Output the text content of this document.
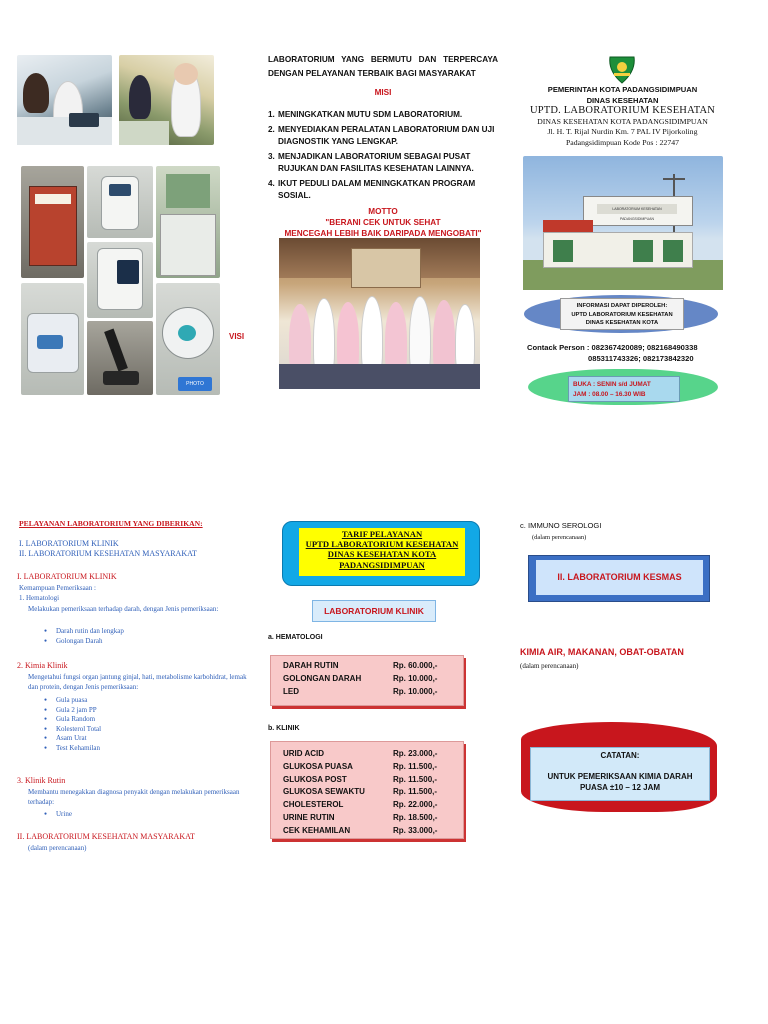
PHOTO
VISI
LABORATORIUM YANG BERMUTU DAN TERPERCAYA DENGAN PELAYANAN TERBAIK BAGI MASYARAKAT
MISI
1. MENINGKATKAN MUTU SDM LABORATORIUM.
2. MENYEDIAKAN PERALATAN LABORATORIUM DAN UJI DIAGNOSTIK YANG LENGKAP.
3. MENJADIKAN LABORATORIUM SEBAGAI PUSAT RUJUKAN DAN FASILITAS KESEHATAN LAINNYA.
4. IKUT PEDULI DALAM MENINGKATKAN PROGRAM SOSIAL.
MOTTO
"BERANI CEK UNTUK SEHAT
MENCEGAH LEBIH BAIK DARIPADA MENGOBATI"
PEMERINTAH KOTA PADANGSIDIMPUAN
DINAS KESEHATAN
UPTD. LABORATORIUM KESEHATAN
DINAS KESEHATAN KOTA PADANGSIDIMPUAN
Jl. H. T. Rijal Nurdin Km. 7 PAL IV Pijorkoling
Padangsidimpuan Kode Pos : 22747
LABORATORIUM KESEHATAN PADANGSIDIMPUAN
INFORMASI DAPAT DIPEROLEH:
UPTD LABORATORIUM KESEHATAN
DINAS KESEHATAN KOTA
Contack Person : 082367420089; 082168490338
085311743326; 082173842320
BUKA : SENIN s/d JUMAT
JAM : 08.00 – 16.30 WIB
PELAYANAN LABORATORIUM YANG DIBERIKAN:
I. LABORATORIUM KLINIK
II. LABORATORIUM KESEHATAN MASYARAKAT
I. LABORATORIUM KLINIK
Kemampuan Pemeriksaan :
1. Hematologi
Melakukan pemeriksaan terhadap darah, dengan Jenis pemeriksaan:
● Darah rutin dan lengkap
● Golongan Darah
2. Kimia Klinik
Mengetahui fungsi organ jantung ginjal, hati, metabolisme karbohidrat, lemak dan protein, dengan Jenis pemeriksaan:
● Gula puasa
● Gula 2 jam PP
● Gula Random
● Kolesterol Total
● Asam Urat
● Test Kehamilan
3. Klinik Rutin
Membantu menegakkan diagnosa penyakit dengan melakukan pemeriksaan terhadap:
● Urine
II. LABORATORIUM KESEHATAN MASYARAKAT
(dalam perencanaan)
TARIF PELAYANAN
UPTD LABORATORIUM KESEHATAN
DINAS KESEHATAN KOTA
PADANGSIDIMPUAN
LABORATORIUM KLINIK
a. HEMATOLOGI
DARAH RUTIN	Rp. 60.000,-
GOLONGAN DARAH	Rp. 10.000,-
LED	Rp. 10.000,-
b. KLINIK
URID ACID	Rp. 23.000,-
GLUKOSA PUASA	Rp. 11.500,-
GLUKOSA POST	Rp. 11.500,-
GLUKOSA SEWAKTU	Rp. 11.500,-
CHOLESTEROL	Rp. 22.000,-
URINE RUTIN	Rp. 18.500,-
CEK KEHAMILAN	Rp. 33.000,-
c. IMMUNO SEROLOGI
(dalam perencanaan)
II. LABORATORIUM KESMAS
KIMIA AIR, MAKANAN, OBAT-OBATAN
(dalam perencanaan)
CATATAN:
UNTUK PEMERIKSAAN KIMIA DARAH
PUASA ±10 – 12 JAM
